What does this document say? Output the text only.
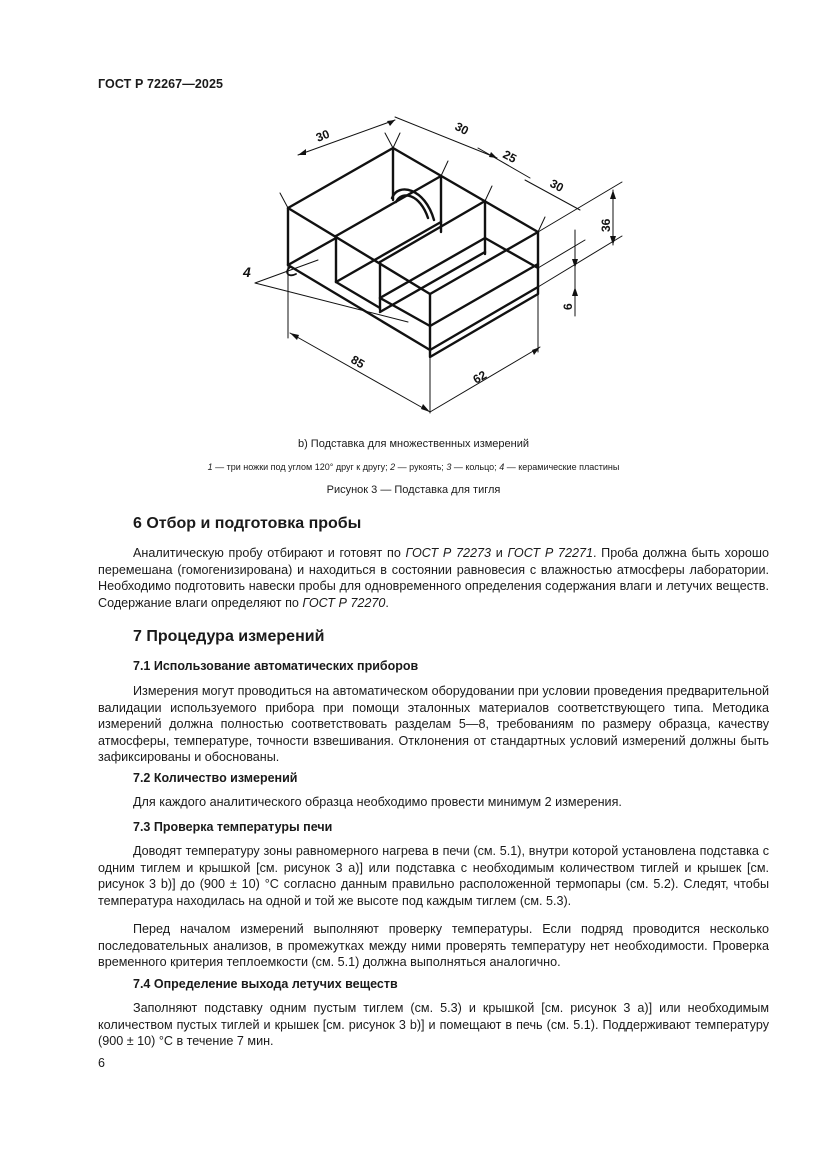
ГОСТ Р 72267—2025
30	30
25
30
36
6
85
62
4
b) Подставка для множественных измерений
1 — три ножки под углом 120° друг к другу; 2 — рукоять; 3 — кольцо; 4 — керамические пластины
Рисунок 3 — Подставка для тигля
6 Отбор и подготовка пробы
Аналитическую пробу отбирают и готовят по ГОСТ Р 72273 и ГОСТ Р 72271. Проба должна быть хорошо перемешана (гомогенизирована) и находиться в состоянии равновесия с влажностью атмосферы лаборатории. Необходимо подготовить навески пробы для одновременного определения содержания влаги и летучих веществ. Содержание влаги определяют по ГОСТ Р 72270.
7 Процедура измерений
7.1 Использование автоматических приборов
Измерения могут проводиться на автоматическом оборудовании при условии проведения предварительной валидации используемого прибора при помощи эталонных материалов соответствующего типа. Методика измерений должна полностью соответствовать разделам 5—8, требованиям по размеру образца, качеству атмосферы, температуре, точности взвешивания. Отклонения от стандартных условий измерений должны быть зафиксированы и обоснованы.
7.2 Количество измерений
Для каждого аналитического образца необходимо провести минимум 2 измерения.
7.3 Проверка температуры печи
Доводят температуру зоны равномерного нагрева в печи (см. 5.1), внутри которой установлена подставка с одним тиглем и крышкой [см. рисунок 3 а)] или подставка с необходимым количеством тиглей и крышек [см. рисунок 3 b)] до (900 ± 10) °С согласно данным правильно расположенной термопары (см. 5.2). Следят, чтобы температура находилась на одной и той же высоте под каждым тиглем (см. 5.3).
Перед началом измерений выполняют проверку температуры. Если подряд проводится несколько последовательных анализов, в промежутках между ними проверять температуру нет необходимости. Проверка временного критерия теплоемкости (см. 5.1) должна выполняться аналогично.
7.4 Определение выхода летучих веществ
Заполняют подставку одним пустым тиглем (см. 5.3) и крышкой [см. рисунок 3 а)] или необходимым количеством пустых тиглей и крышек [см. рисунок 3 b)] и помещают в печь (см. 5.1). Поддерживают температуру (900 ± 10) °С в течение 7 мин.
6
